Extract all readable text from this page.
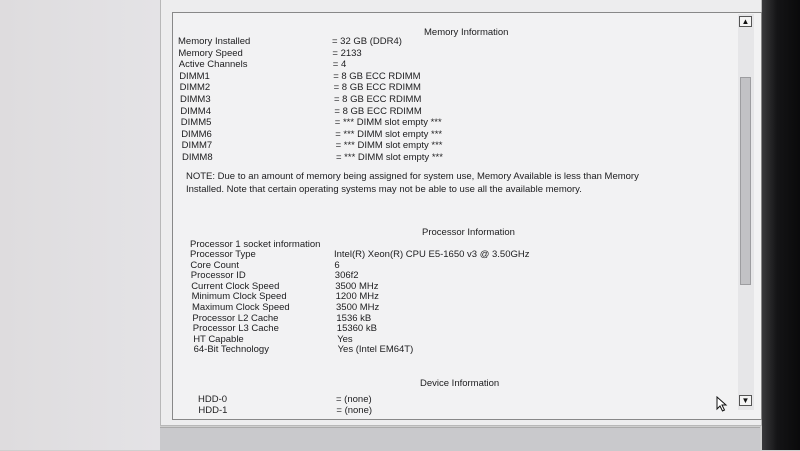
Memory Information
Memory Installed	= 32 GB (DDR4)
Memory Speed	= 2133
Active Channels	= 4
DIMM1	= 8 GB ECC RDIMM
DIMM2	= 8 GB ECC RDIMM
DIMM3	= 8 GB ECC RDIMM
DIMM4	= 8 GB ECC RDIMM
DIMM5	= *** DIMM slot empty ***
DIMM6	= *** DIMM slot empty ***
DIMM7	= *** DIMM slot empty ***
DIMM8	= *** DIMM slot empty ***
NOTE: Due to an amount of memory being assigned for system use, Memory Available is less than Memory Installed. Note that certain operating systems may not be able to use all the available memory.
Processor Information
Processor 1 socket information
Processor Type	Intel(R) Xeon(R) CPU E5-1650 v3 @ 3.50GHz
Core Count	6
Processor ID	306f2
Current Clock Speed	3500 MHz
Minimum Clock Speed	1200 MHz
Maximum Clock Speed	3500 MHz
Processor L2 Cache	1536 kB
Processor L3 Cache	15360 kB
HT Capable	Yes
64-Bit Technology	Yes (Intel EM64T)
Device Information
HDD-0	= (none)
HDD-1	= (none)
▲
▼
